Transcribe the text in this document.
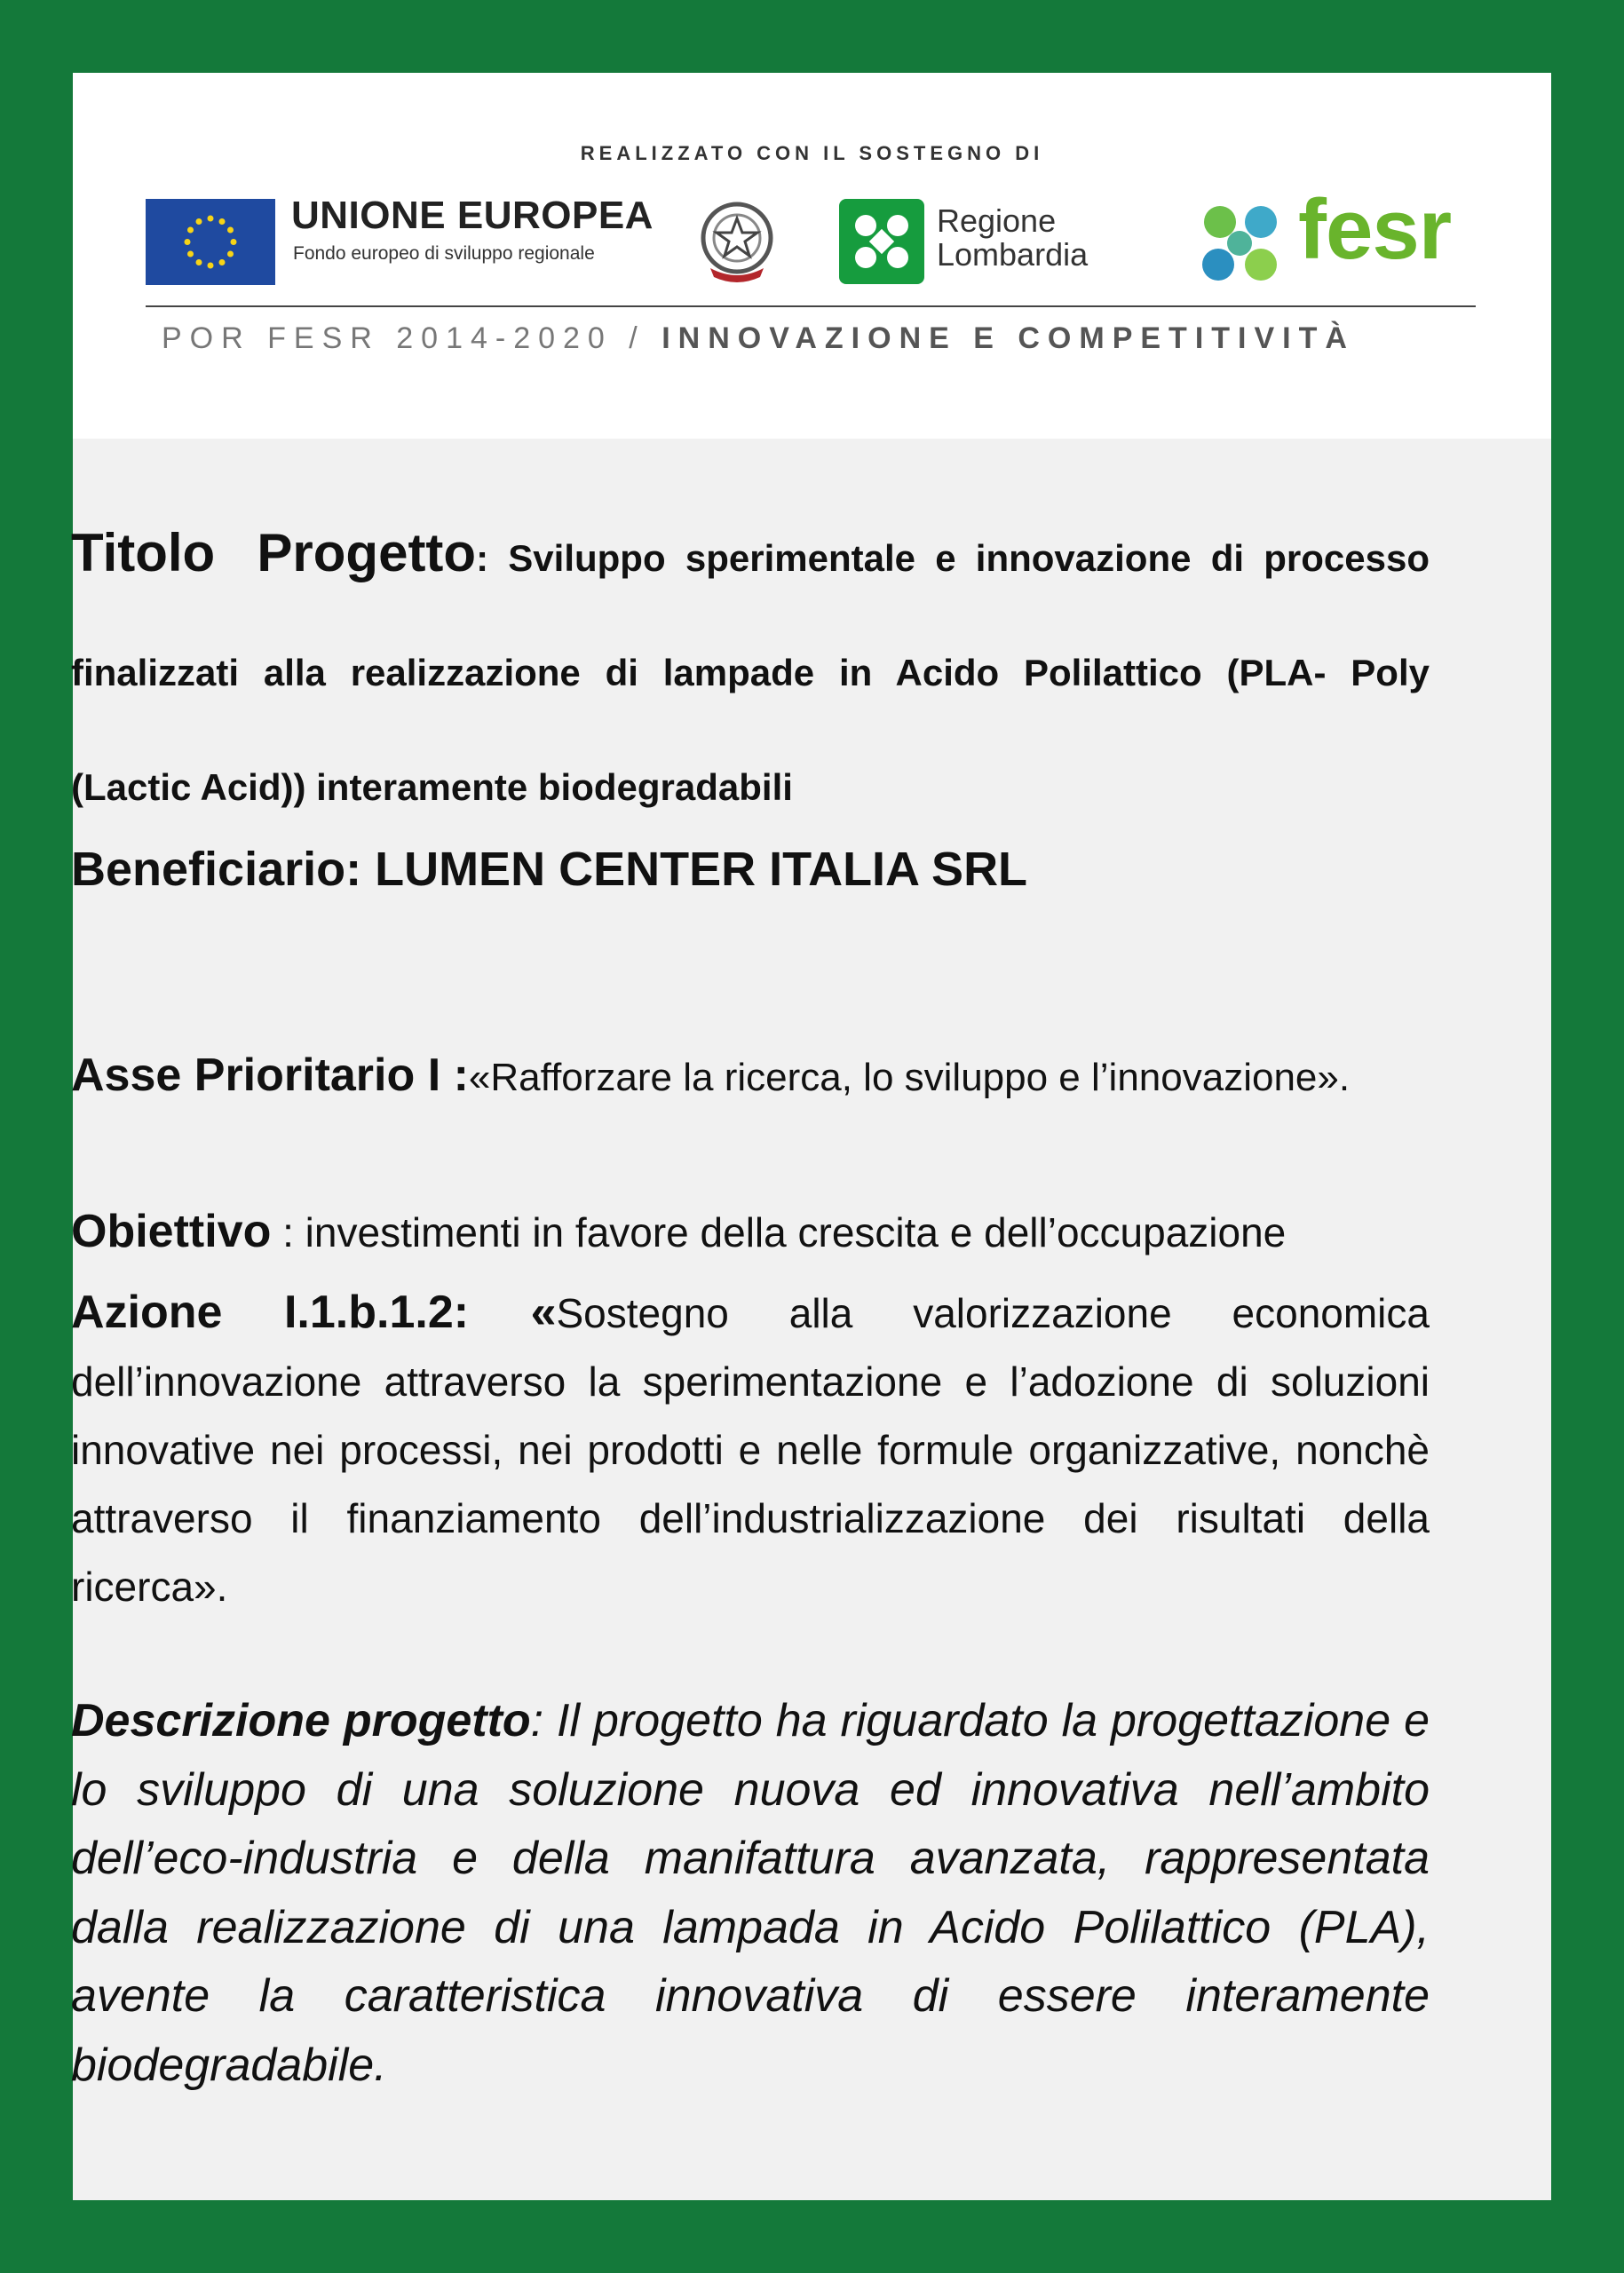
REALIZZATO CON IL SOSTEGNO DI
UNIONE EUROPEA
Fondo europeo di sviluppo regionale
Regione
Lombardia fesr
POR FESR 2014-2020 / INNOVAZIONE E COMPETITIVITÀ
Titolo Progetto: Sviluppo sperimentale e innovazione di processo finalizzati alla realizzazione di lampade in Acido Polilattico (PLA- Poly (Lactic Acid)) interamente biodegradabili
Beneficiario: LUMEN CENTER ITALIA SRL
Asse Prioritario I :«Rafforzare la ricerca, lo sviluppo e l’innovazione».
Obiettivo : investimenti in favore della crescita e dell’occupazione
Azione I.1.b.1.2: «Sostegno alla valorizzazione economica dell’innovazione attraverso la sperimentazione e l’adozione di soluzioni innovative nei processi, nei prodotti e nelle formule organizzative, nonchè attraverso il finanziamento dell’industrializzazione dei risultati della ricerca».
Descrizione progetto: Il progetto ha riguardato la progettazione e lo sviluppo di una soluzione nuova ed innovativa nell’ambito dell’eco-industria e della manifattura avanzata, rappresentata dalla realizzazione di una lampada in Acido Polilattico (PLA), avente la caratteristica innovativa di essere interamente biodegradabile.
